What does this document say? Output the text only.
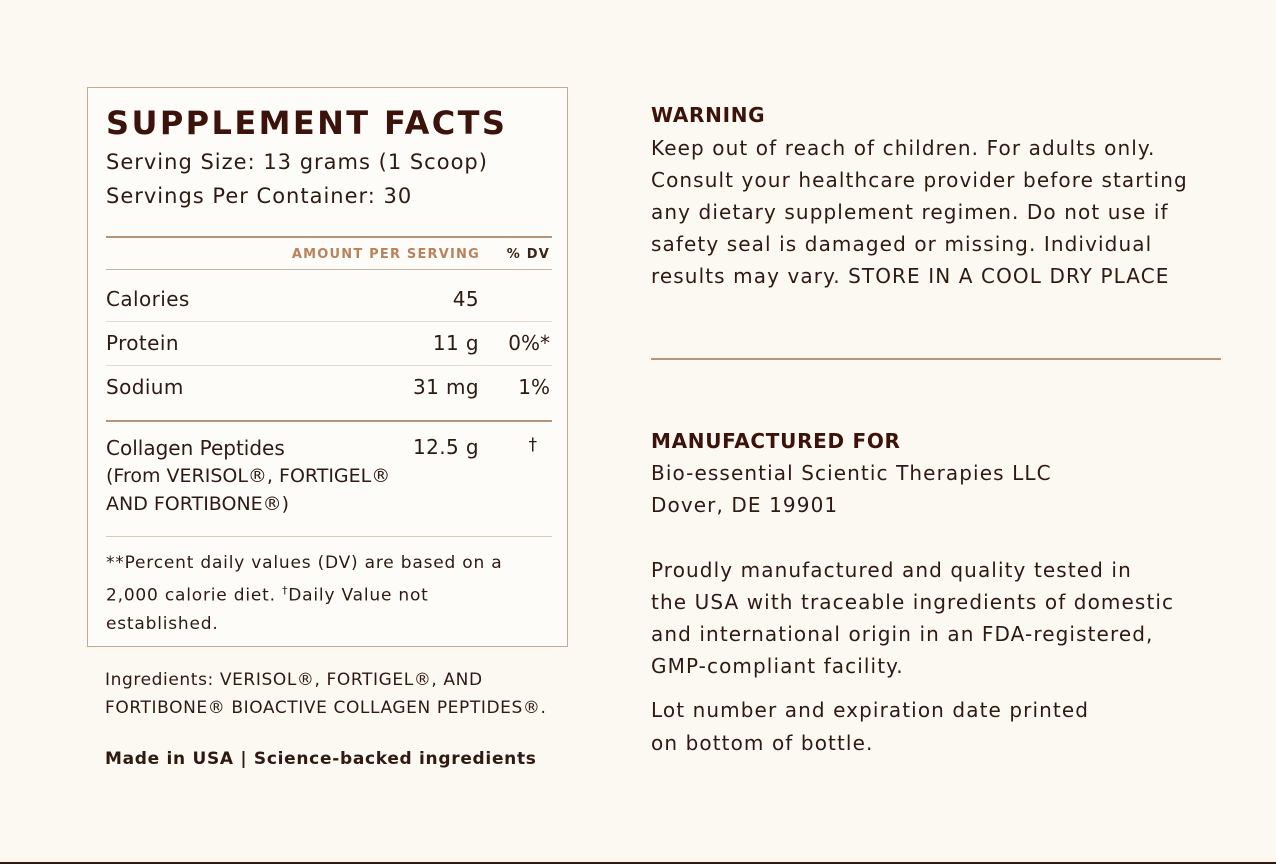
SUPPLEMENT FACTS
Serving Size: 13 grams (1 Scoop)
Servings Per Container: 30
AMOUNT PER SERVING % DV
Calories	45
Protein	11 g 0%*
Sodium	31 mg 1%
Collagen Peptides
(From VERISOL®, FORTIGEL®
AND FORTIBONE®)
12.5 g	†
**Percent daily values (DV) are based on a 2,000 calorie diet. †Daily Value not established.
Ingredients: VERISOL®, FORTIGEL®, AND
FORTIBONE® BIOACTIVE COLLAGEN PEPTIDES®.
Made in USA | Science-backed ingredients
WARNING
Keep out of reach of children. For adults only.
Consult your healthcare provider before starting
any dietary supplement regimen. Do not use if
safety seal is damaged or missing. Individual
results may vary. STORE IN A COOL DRY PLACE
MANUFACTURED FOR
Bio-essential Scientic Therapies LLC
Dover, DE 19901
Proudly manufactured and quality tested in
the USA with traceable ingredients of domestic
and international origin in an FDA-registered,
GMP-compliant facility.
Lot number and expiration date printed
on bottom of bottle.
